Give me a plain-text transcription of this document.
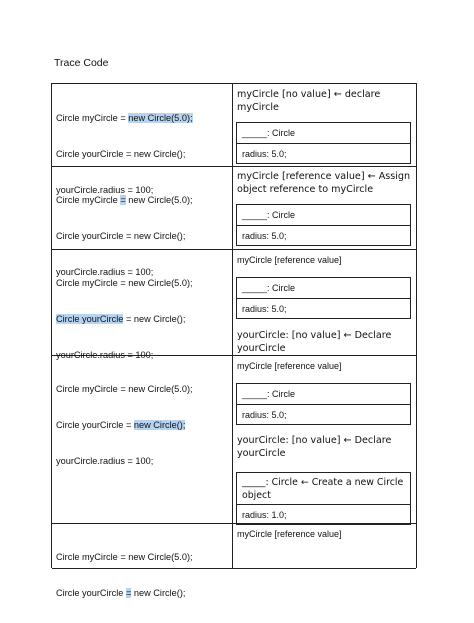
Trace Code

Circle myCircle = new Circle(5.0);

Circle yourCircle = new Circle();

yourCircle.radius = 100;

myCircle [no value] ← declare myCircle
_____: Circle
radius: 5.0;

Circle myCircle = new Circle(5.0);

Circle yourCircle = new Circle();

yourCircle.radius = 100;

myCircle [reference value] ← Assign object reference to myCircle
_____: Circle
radius: 5.0;

Circle myCircle = new Circle(5.0);

Circle yourCircle = new Circle();

yourCircle.radius = 100;

myCircle [reference value]
_____: Circle
radius: 5.0;
yourCircle: [no value] ← Declare yourCircle

Circle myCircle = new Circle(5.0);

Circle yourCircle = new Circle();

yourCircle.radius = 100;

myCircle [reference value]
_____: Circle
radius: 5.0;
yourCircle: [no value] ← Declare yourCircle
_____: Circle ← Create a new Circle object
radius: 1.0;

Circle myCircle = new Circle(5.0);

Circle yourCircle = new Circle();

myCircle [reference value]
